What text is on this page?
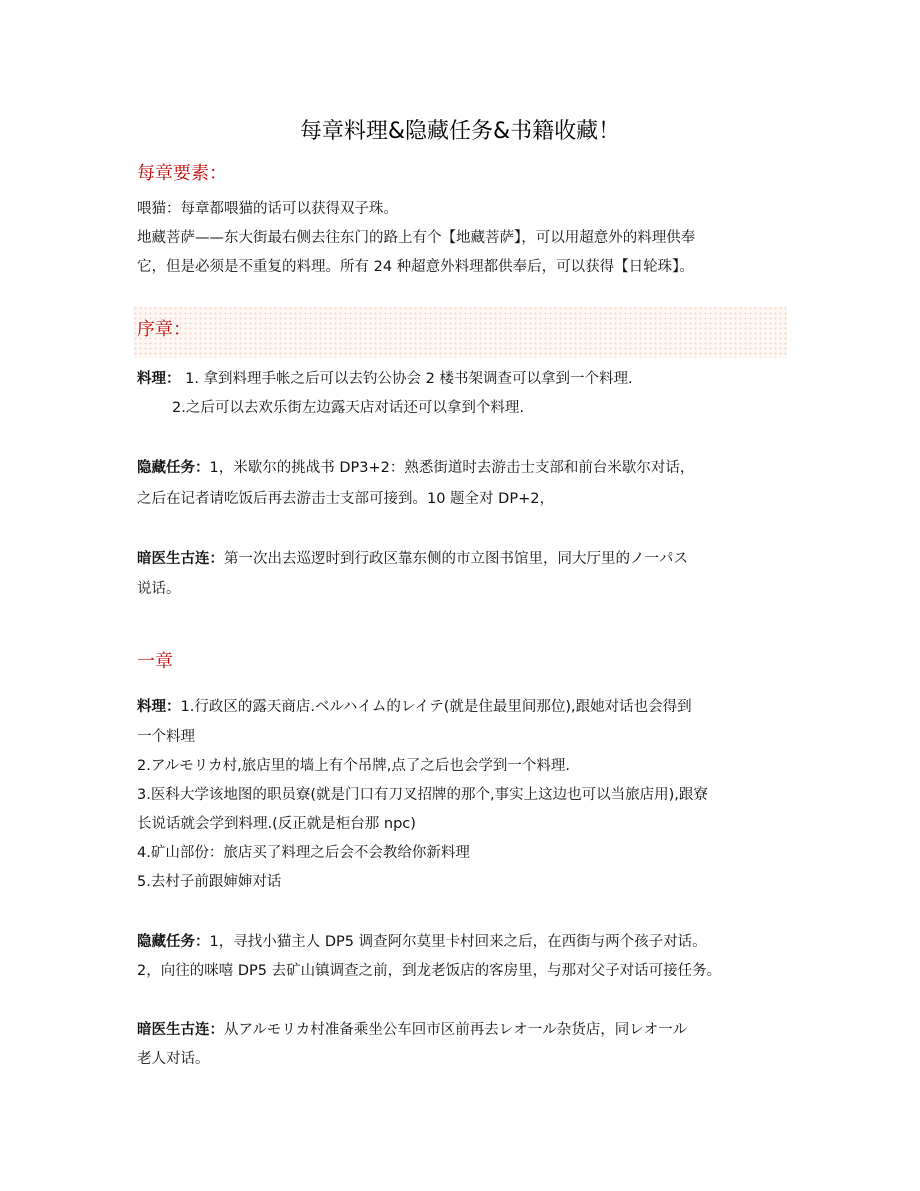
每章料理&隐藏任务&书籍收藏！
每章要素：
喂猫：每章都喂猫的话可以获得双子珠。
地藏菩萨——东大街最右侧去往东门的路上有个【地藏菩萨】，可以用超意外的料理供奉
它，但是必须是不重复的料理。所有 24 种超意外料理都供奉后，可以获得【日轮珠】。
序章：
料理： 1. 拿到料理手帐之后可以去钓公协会 2 楼书架调查可以拿到一个料理.
2.之后可以去欢乐街左边露天店对话还可以拿到个料理.
隐藏任务：1，米歇尔的挑战书 DP3+2：熟悉街道时去游击士支部和前台米歇尔对话，
之后在记者请吃饭后再去游击士支部可接到。10 题全对 DP+2，
暗医生古连：第一次出去巡逻时到行政区靠东侧的市立图书馆里，同大厅里的ノ一パス
说话。
一章
料理：1.行政区的露天商店.ベルハイム的レイテ(就是住最里间那位),跟她对话也会得到
一个料理
2.アルモリカ村,旅店里的墙上有个吊牌,点了之后也会学到一个料理.
3.医科大学该地图的职员寮(就是门口有刀叉招牌的那个,事实上这边也可以当旅店用),跟寮
长说话就会学到料理.(反正就是柜台那 npc)
4.矿山部份：旅店买了料理之后会不会教给你新料理
5.去村子前跟婶婶对话
隐藏任务：1，寻找小猫主人 DP5 调查阿尔莫里卡村回来之后，在西街与两个孩子对话。
2，向往的咪嘻 DP5 去矿山镇调查之前，到龙老饭店的客房里，与那对父子对话可接任务。
暗医生古连：从アルモリカ村准备乘坐公车回市区前再去レオ一ル杂货店，同レオ一ル
老人对话。
